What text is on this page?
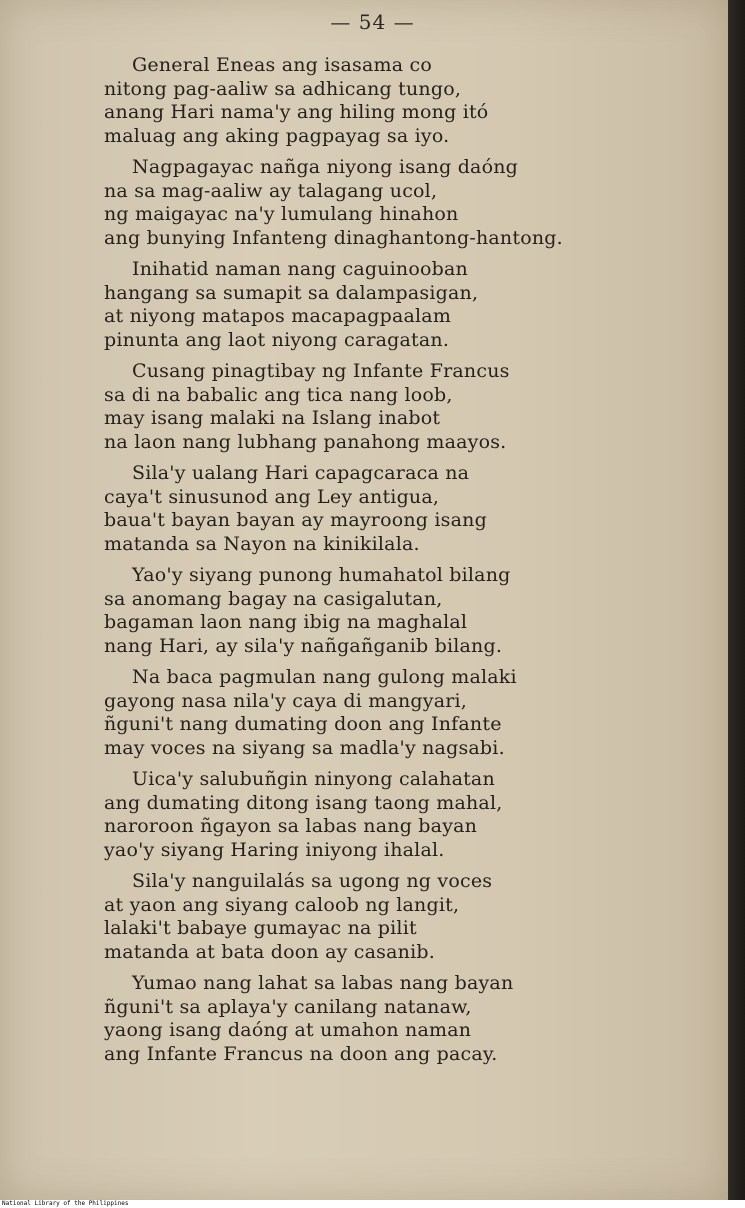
National Library of the Philippines
— 54 —
General Eneas ang isasama co
nitong pag-aaliw sa adhicang tungo,
anang Hari nama'y ang hiling mong itó
maluag ang aking pagpayag sa iyo.
Nagpagayac nañga niyong isang daóng
na sa mag-aaliw ay talagang ucol,
ng maigayac na'y lumulang hinahon
ang bunying Infanteng dinaghantong-hantong.
Inihatid naman nang caguinooban
hangang sa sumapit sa dalampasigan,
at niyong matapos macapagpaalam
pinunta ang laot niyong caragatan.
Cusang pinagtibay ng Infante Francus
sa di na babalic ang tica nang loob,
may isang malaki na Islang inabot
na laon nang lubhang panahong maayos.
Sila'y ualang Hari capagcaraca na
caya't sinusunod ang Ley antigua,
baua't bayan bayan ay mayroong isang
matanda sa Nayon na kinikilala.
Yao'y siyang punong humahatol bilang
sa anomang bagay na casigalutan,
bagaman laon nang ibig na maghalal
nang Hari, ay sila'y nañgañganib bilang.
Na baca pagmulan nang gulong malaki
gayong nasa nila'y caya di mangyari,
ñguni't nang dumating doon ang Infante
may voces na siyang sa madla'y nagsabi.
Uica'y salubuñgin ninyong calahatan
ang dumating ditong isang taong mahal,
naroroon ñgayon sa labas nang bayan
yao'y siyang Haring iniyong ihalal.
Sila'y nanguilalás sa ugong ng voces
at yaon ang siyang caloob ng langit,
lalaki't babaye gumayac na pilit
matanda at bata doon ay casanib.
Yumao nang lahat sa labas nang bayan
ñguni't sa aplaya'y canilang natanaw,
yaong isang daóng at umahon naman
ang Infante Francus na doon ang pacay.
